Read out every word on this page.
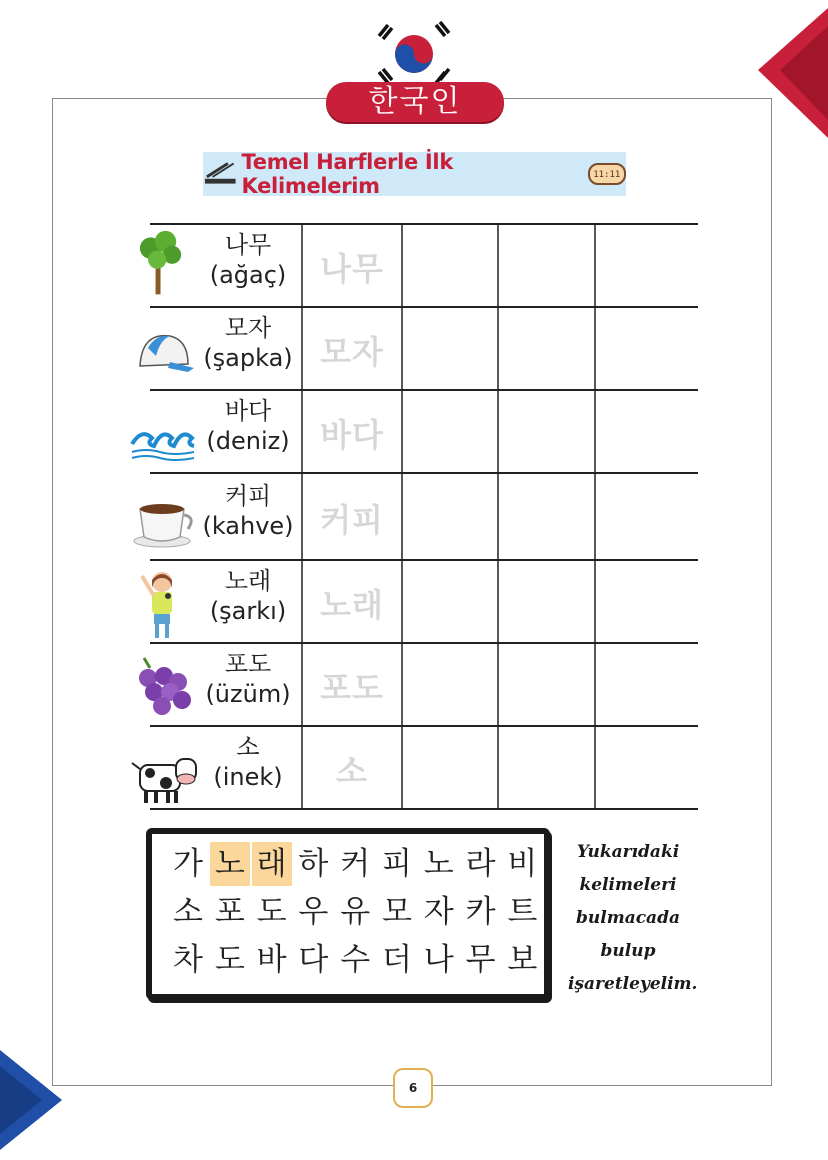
한국인
Temel Harflerle İlk Kelimelerim	11:11
나무
(ağaç)	나무
모자
(şapka) 모자
바다
(deniz) 바다
커피
(kahve) 커피
노래
(şarkı)	노래
포도
(üzüm) 포도
소
(inek)	소
가 노 래 하 커 피 노 라 비
소 포 도 우 유 모 자 카 트
차 도 바 다 수 더 나 무 보
Yukarıdaki
kelimeleri
bulmacada
bulup
işaretleyelim.
6
